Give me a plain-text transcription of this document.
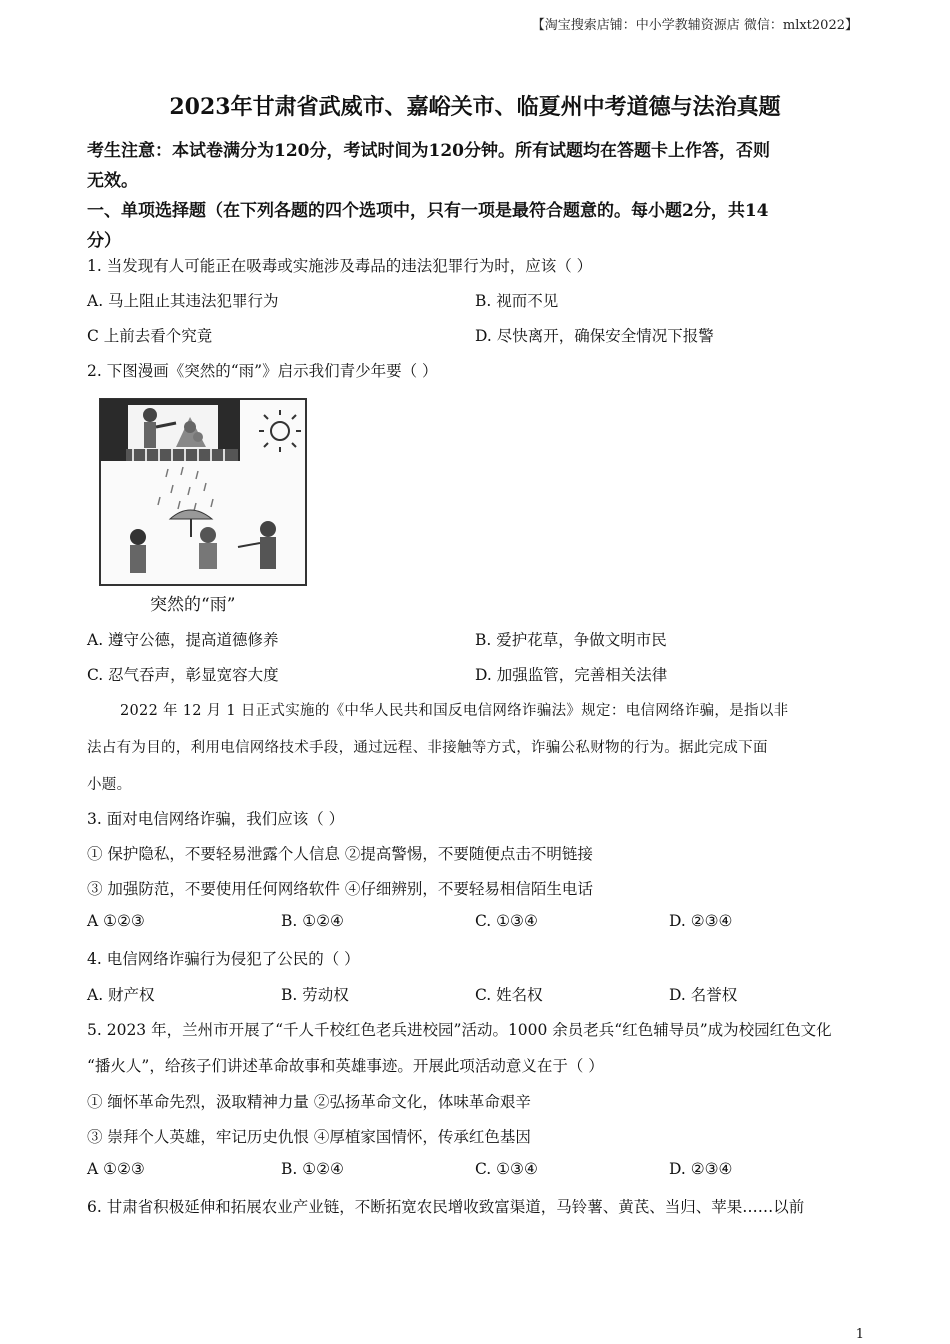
【淘宝搜索店铺：中小学教辅资源店 微信：mlxt2022】
2023年甘肃省武威市、嘉峪关市、临夏州中考道德与法治真题
考生注意：本试卷满分为120分，考试时间为120分钟。所有试题均在答题卡上作答，否则
无效。
一、单项选择题（在下列各题的四个选项中，只有一项是最符合题意的。每小题2分，共14
分）
1. 当发现有人可能正在吸毒或实施涉及毒品的违法犯罪行为时，应该（ ）
A. 马上阻止其违法犯罪行为	B. 视而不见
C 上前去看个究竟	D. 尽快离开，确保安全情况下报警
2. 下图漫画《突然的“雨”》启示我们青少年要（ ）
突然的“雨”
A. 遵守公德，提高道德修养	B. 爱护花草，争做文明市民
C. 忍气吞声，彰显宽容大度	D. 加强监管，完善相关法律
2022 年 12 月 1 日正式实施的《中华人民共和国反电信网络诈骗法》规定：电信网络诈骗，是指以非
法占有为目的，利用电信网络技术手段，通过远程、非接触等方式，诈骗公私财物的行为。据此完成下面
小题。
3. 面对电信网络诈骗，我们应该（ ）
① 保护隐私，不要轻易泄露个人信息 ②提高警惕，不要随便点击不明链接
③ 加强防范，不要使用任何网络软件 ④仔细辨别，不要轻易相信陌生电话
A ①②③	B. ①②④	C. ①③④	D. ②③④
4. 电信网络诈骗行为侵犯了公民的（ ）
A. 财产权	B. 劳动权	C. 姓名权	D. 名誉权
5. 2023 年，兰州市开展了“千人千校红色老兵进校园”活动。1000 余员老兵“红色辅导员”成为校园红色文化
“播火人”，给孩子们讲述革命故事和英雄事迹。开展此项活动意义在于（ ）
① 缅怀革命先烈，汲取精神力量 ②弘扬革命文化，体味革命艰辛
③ 崇拜个人英雄，牢记历史仇恨 ④厚植家国情怀，传承红色基因
A ①②③	B. ①②④	C. ①③④	D. ②③④
6. 甘肃省积极延伸和拓展农业产业链，不断拓宽农民增收致富渠道，马铃薯、黄芪、当归、苹果……以前
1
